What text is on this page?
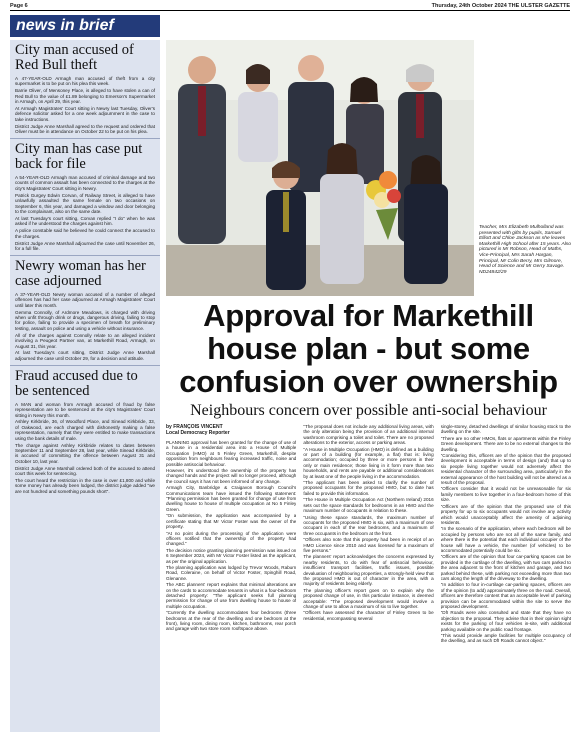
Page 6	Thursday, 24th October 2024 THE ULSTER GAZETTE
news in brief
City man accused of Red Bull theft

A 47-YEAR-OLD Armagh man accused of theft from a city supermarket is to be put on his plea this week.

Barrie Oliver, of Mensoney Place, is alleged to have stolen a can of Red Bull to the value of £1.89 belonging to Emerson's Supermarket in Armagh, on April 29, this year.

At Armagh Magistrates' Court sitting in Newry last Tuesday, Oliver's defence solicitor asked for a one week adjournment in the case to take instructions.

District Judge Anne Marshall agreed to the request and ordered that Oliver must be in attendance on October 22 to be put on his plea.

City man has case put back for file

A 54-YEAR-OLD Armagh man accused of criminal damage and two counts of common assault has been connected to the charges at the city's Magistrates' Court sitting in Newry.

Patrick Gurgey Edwin Corvan, of Railway Street, is alleged to have unlawfully assaulted the same female on two occasions on September 6, this year, and damaged a window and door belonging to the complainant, also on the same date.

At last Tuesday's court sitting, Corvan replied "I do" when he was asked if he understood the charges against him.

A police constable said he believed he could connect the accused to the charges.

District Judge Anne Marshall adjourned the case until November 26, for a full file.

Newry woman has her case adjourned

A 37-YEAR-OLD Newry woman accused of a number of alleged offences has had her case adjourned at Armagh Magistrates' Court until later this month.

Gemma Connolly, of Ardmore Meadows, is charged with driving when unfit through drink or drugs, dangerous driving, failing to stop for police, failing to provide a specimen of breath for preliminary testing, assault on police and using a vehicle without insurance.

All of the charges against Connolly relate to an alleged incident involving a Peugeot Partner van, at Markethill Road, Armagh, on August 31, this year.

At last Tuesday's court sitting, District Judge Anne Marshall adjourned the case until October 29, for a decision and attitude.

Fraud accused due to be sentenced

A MAN and woman from Armagh accused of fraud by false representation are to be sentenced at the city's Magistrates' Court sitting in Newry this month.

Ashley Kirkbride, 36, of Woodford Place, and Sinead Kirkbride, 33, of Oakwood, are each charged with dishonestly making a false representation, namely that they were entitled to make transactions using the bank details of male.

The charge against Ashley Kirkbride relates to dates between September 11 and September 28, last year, while Sinead Kirkbride, is accused of committing the offence between August 31 and October 10, last year.

District Judge Anne Marshall ordered both of the accused to attend court this week for sentencing.

The court heard the restriction in the case is over £1,800 and while some money has already been lodged, the district judge added "we are not hundred and something pounds short".

Teacher, Mrs Elizabeth Mulholland was presented with gifts by pupils, Samuel Elliott and Chloe Jackson as she leaves Markethill High School after 15 years. Also pictured is Mr Robson, Head of Maths, Vice-Principal, Mrs Sarah Hargan, Principal, Mr Colin Berry, Mrs Gilmore, Head of Science and Mr Gerry Savage. ND24842/29
Approval for Markethill house plan - but some confusion over ownership
Neighbours concern over possible anti-social behaviour
by FRANÇOIS VINCENT
Local Democracy Reporter

PLANNING approval has been granted for the change of use of a house in a residential area into a House of Multiple Occupation (HMO) at 5 Finley Green, Markethill, despite opposition from neighbours fearing increased traffic, noise and possible antisocial behaviour.

However, it's understood the ownership of the property has changed hands and the project will no longer proceed, although the council says it has not been informed of any change.

Armagh City, Banbridge & Craigavon Borough Council's Communications team have issued the following statement: "Planning permission has been granted for change of use from dwelling house to house of multiple occupation at No 5 Finley Green.

"On submission, the application was accompanied by a certificate stating that Mr Victor Foster was the owner of the property.

"At no point during the processing of the application were officers notified that the ownership of the property had changed."

The decision notice granting planning permission was issued on 6 September 2024, with Mr Victor Foster listed as the applicant, as per the original application.

The planning application was lodged by Trevor Woods, Raburn Road, Coleraine, on behalf of Victor Foster, Spinghill Road, Glenanne.

The ABC planners' report explains that minimal alterations are on the cards to accommodate tenants in what is a four-bedroom detached property: "The applicant seeks full planning permission for change of use from dwelling house to house of multiple occupation.

"Currently the dwelling accommodates four bedrooms (three bedrooms at the rear of the dwelling and one bedroom at the front), living room, dining room, kitchen, bathrooms, rear porch and garage with two store room rooftspace above.

"The proposal does not include any additional living areas, with the only alteration being the provision of an additional internal washroom comprising a toilet and toilet. There are no proposed alterations to the exterior, access or parking areas.

"A House in Multiple Occupation (HMO) is defined as a building or part of a building (for example, a flat) that is: living accommodation; occupied by three or more persons in their only or main residence; those living in it form more than two households, and rents are payable or additional considerations by at least one of the people living in the accommodation.

"The applicant has been asked to clarify the number of proposed occupants for the proposed HMO, but to date has failed to provide this information.

"The House in Multiple Occupation Act (Northern Ireland) 2016 sets out the space standards for bedrooms in an HMO and the maximum number of occupants in relation to these.

"Using these space standards, the maximum number of occupants for the proposed HMO is six, with a maximum of one occupant in each of the rear bedrooms, and a maximum of three occupants in the bedroom at the front.

"Officers also note that this property had been in receipt of an HMO Licence since 2010 and was licensed for a maximum of five persons."

The planners' report acknowledges the concerns expressed by nearby residents, to do with fear of antisocial behaviour, insufficient transport facilities, traffic issues, possible devaluation of neighbouring properties, a strongly-held view that the proposed HMO is out of character in the area, with a majority of residents being elderly.

The planning officer's report goes on to explain why the proposed change of use, in this particular instance, is deemed acceptable: "The proposed development would involve a change of use to allow a maximum of six to live together.

"Officers have assessed the character of Finley Green to be residential, encompassing several

single-storey, detached dwellings of similar housing stock to the dwelling on the site.

"There are no other HMOs, flats or apartments within the Finley Green development. There are to be no external changes to the dwelling.

"Considering this, officers are of the opinion that the proposed development is acceptable in terms of design (and) that up to six people living together would not adversely affect the residential character of the surrounding area, particularly in the external appearance of the host building will not be altered as a result of the proposal.

"Officers consider that it would not be unreasonable for six family members to live together in a four-bedroom home of this size.

"Officers are of the opinion that the proposed use of this property for up to six occupants would not involve any activity which would unacceptably affect the amenity of adjoining residents.

"In the scenario of the application, where each bedroom will be occupied by persons who are not all of the same family, and where there is the potential that each individual occupier of the house will have a vehicle, the number (of vehicles) to be accommodated potentially could be six.

"Officers are of the opinion that four car-parking spaces can be provided in the curtilage of the dwelling, with two cars parked to the area adjacent to the front of kitchen and garage, and two parked behind these, with parking not exceeding more than two cars along the length of the driveway to the dwelling.

"In addition to four in-curtilage car-parking spaces, officers are of the opinion (to add) approximately three on the road. Overall, officers are therefore content that an acceptable level of parking provision can be accommodated within the site to serve the proposed development.

"DfI Roads were also consulted and state that they have no objection to the proposal. They advise that in their opinion sight exists for the parking of four vehicles in-site, with additional parking available on the public road frontage.

"This would provide ample facilities for multiple occupancy of the dwelling, and as such DfI Roads cannot object."
